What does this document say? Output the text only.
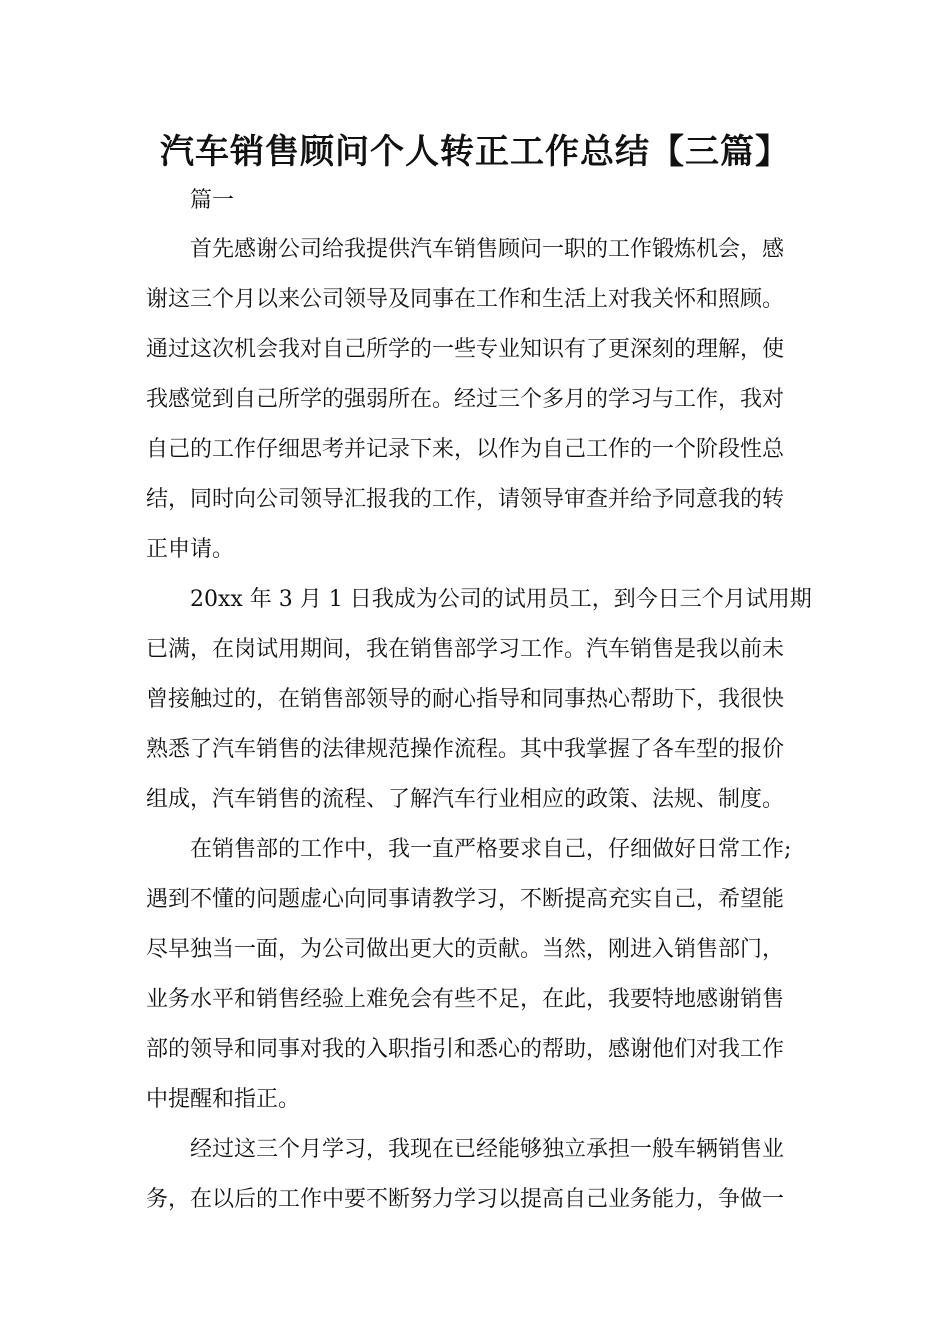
汽车销售顾问个人转正工作总结【三篇】
篇一
首先感谢公司给我提供汽车销售顾问一职的工作锻炼机会，感
谢这三个月以来公司领导及同事在工作和生活上对我关怀和照顾。
通过这次机会我对自己所学的一些专业知识有了更深刻的理解，使
我感觉到自己所学的强弱所在。经过三个多月的学习与工作，我对
自己的工作仔细思考并记录下来，以作为自己工作的一个阶段性总
结，同时向公司领导汇报我的工作，请领导审查并给予同意我的转
正申请。
20xx 年 3 月 1 日我成为公司的试用员工，到今日三个月试用期
已满，在岗试用期间，我在销售部学习工作。汽车销售是我以前未
曾接触过的，在销售部领导的耐心指导和同事热心帮助下，我很快
熟悉了汽车销售的法律规范操作流程。其中我掌握了各车型的报价
组成，汽车销售的流程、了解汽车行业相应的政策、法规、制度。
在销售部的工作中，我一直严格要求自己，仔细做好日常工作;
遇到不懂的问题虚心向同事请教学习，不断提高充实自己，希望能
尽早独当一面，为公司做出更大的贡献。当然，刚进入销售部门，
业务水平和销售经验上难免会有些不足，在此，我要特地感谢销售
部的领导和同事对我的入职指引和悉心的帮助，感谢他们对我工作
中提醒和指正。
经过这三个月学习，我现在已经能够独立承担一般车辆销售业
务，在以后的工作中要不断努力学习以提高自己业务能力，争做一
